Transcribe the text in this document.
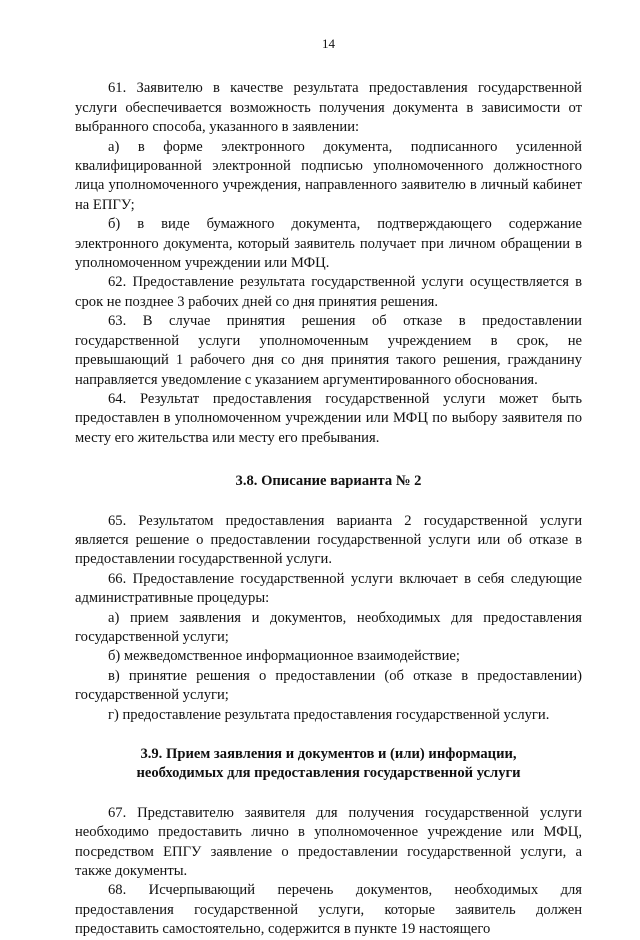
14

61. Заявителю в качестве результата предоставления государственной услуги обеспечивается возможность получения документа в зависимости от выбранного способа, указанного в заявлении:

а) в форме электронного документа, подписанного усиленной квалифицированной электронной подписью уполномоченного должностного лица уполномоченного учреждения, направленного заявителю в личный кабинет на ЕПГУ;

б) в виде бумажного документа, подтверждающего содержание электронного документа, который заявитель получает при личном обращении в уполномоченном учреждении или МФЦ.

62. Предоставление результата государственной услуги осуществляется в срок не позднее 3 рабочих дней со дня принятия решения.

63. В случае принятия решения об отказе в предоставлении государственной услуги уполномоченным учреждением в срок, не превышающий 1 рабочего дня со дня принятия такого решения, гражданину направляется уведомление с указанием аргументированного обоснования.

64. Результат предоставления государственной услуги может быть предоставлен в уполномоченном учреждении или МФЦ по выбору заявителя по месту его жительства или месту его пребывания.

3.8. Описание варианта № 2

65. Результатом предоставления варианта 2 государственной услуги является решение о предоставлении государственной услуги или об отказе в предоставлении государственной услуги.

66. Предоставление государственной услуги включает в себя следующие административные процедуры:

а) прием заявления и документов, необходимых для предоставления государственной услуги;

б) межведомственное информационное взаимодействие;

в) принятие решения о предоставлении (об отказе в предоставлении) государственной услуги;

г) предоставление результата предоставления государственной услуги.

3.9. Прием заявления и документов и (или) информации,

необходимых для предоставления государственной услуги

67. Представителю заявителя для получения государственной услуги необходимо предоставить лично в уполномоченное учреждение или МФЦ, посредством ЕПГУ заявление о предоставлении государственной услуги, а также документы.

68. Исчерпывающий перечень документов, необходимых для предоставления государственной услуги, которые заявитель должен предоставить самостоятельно, содержится в пункте 19 настоящего
